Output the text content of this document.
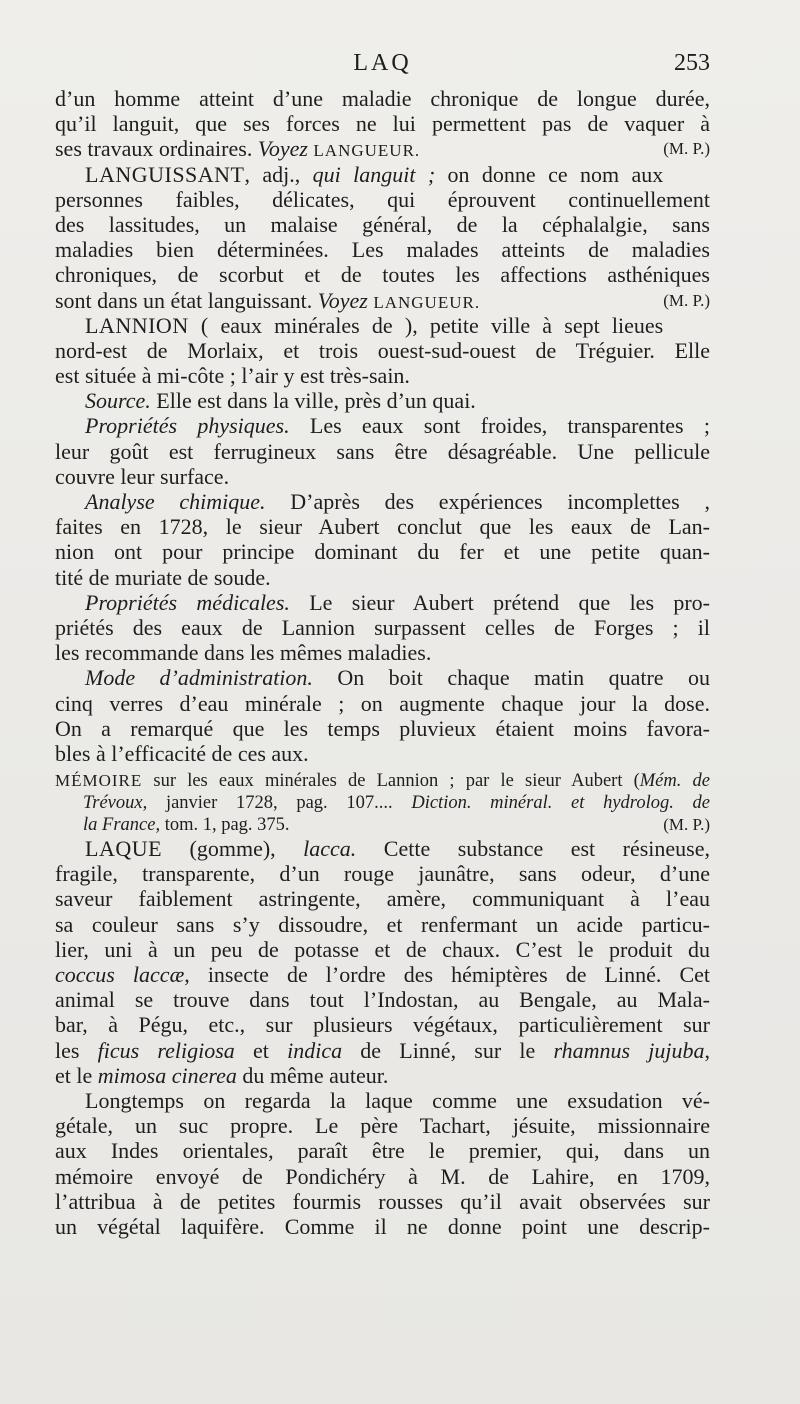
LAQ	253
d’un homme atteint d’une maladie chronique de longue durée,
qu’il languit, que ses forces ne lui permettent pas de vaquer à
ses travaux ordinaires. Voyez LANGUEUR.	(M. P.)
LANGUISSANT, adj., qui languit ; on donne ce nom aux
personnes faibles, délicates, qui éprouvent continuellement
des lassitudes, un malaise général, de la céphalalgie, sans
maladies bien déterminées. Les malades atteints de maladies
chroniques, de scorbut et de toutes les affections asthéniques
sont dans un état languissant. Voyez LANGUEUR.	(M. P.)
LANNION ( eaux minérales de ), petite ville à sept lieues
nord-est de Morlaix, et trois ouest-sud-ouest de Tréguier. Elle
est située à mi-côte ; l’air y est très-sain.
Source. Elle est dans la ville, près d’un quai.
Propriétés physiques. Les eaux sont froides, transparentes ;
leur goût est ferrugineux sans être désagréable. Une pellicule
couvre leur surface.
Analyse chimique. D’après des expériences incomplettes ,
faites en 1728, le sieur Aubert conclut que les eaux de Lan-
nion ont pour principe dominant du fer et une petite quan-
tité de muriate de soude.
Propriétés médicales. Le sieur Aubert prétend que les pro-
priétés des eaux de Lannion surpassent celles de Forges ; il
les recommande dans les mêmes maladies.
Mode d’administration. On boit chaque matin quatre ou
cinq verres d’eau minérale ; on augmente chaque jour la dose.
On a remarqué que les temps pluvieux étaient moins favora-
bles à l’efficacité de ces aux.
MÉMOIRE sur les eaux minérales de Lannion ; par le sieur Aubert (Mém. de
Trévoux, janvier 1728, pag. 107.... Diction. minéral. et hydrolog. de
la France, tom. 1, pag. 375.	(M. P.)
LAQUE (gomme), lacca. Cette substance est résineuse,
fragile, transparente, d’un rouge jaunâtre, sans odeur, d’une
saveur faiblement astringente, amère, communiquant à l’eau
sa couleur sans s’y dissoudre, et renfermant un acide particu-
lier, uni à un peu de potasse et de chaux. C’est le produit du
coccus laccæ, insecte de l’ordre des hémiptères de Linné. Cet
animal se trouve dans tout l’Indostan, au Bengale, au Mala-
bar, à Pégu, etc., sur plusieurs végétaux, particulièrement sur
les ficus religiosa et indica de Linné, sur le rhamnus jujuba,
et le mimosa cinerea du même auteur.
Longtemps on regarda la laque comme une exsudation vé-
gétale, un suc propre. Le père Tachart, jésuite, missionnaire
aux Indes orientales, paraît être le premier, qui, dans un
mémoire envoyé de Pondichéry à M. de Lahire, en 1709,
l’attribua à de petites fourmis rousses qu’il avait observées sur
un végétal laquifère. Comme il ne donne point une descrip-
